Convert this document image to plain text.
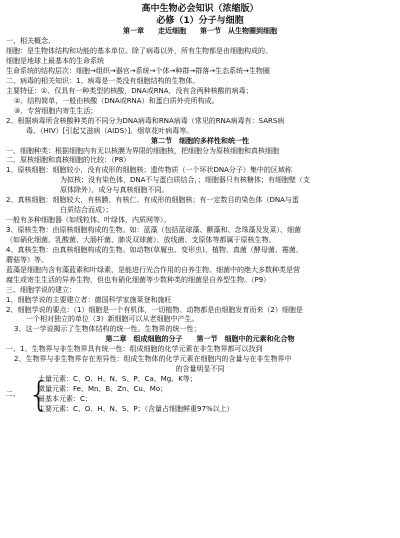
高中生物必会知识（浓缩版）
必修（1）分子与细胞
第一章　　走近细胞　　第一节　从生物圈到细胞
一、相关概念、
细胞：是生物体结构和功能的基本单位。除了病毒以外，所有生物都是由细胞构成的。
细胞是地球上最基本的生命系统
生命系统的结构层次：细胞→组织→器官→系统→个体→种群→群落→生态系统→生物圈
二、病毒的相关知识：1、病毒是一类没有细胞结构的生物体。
主要特征：①、仅具有一种类型的核酸，DNA或RNA，没有含两种核酸的病毒；
②、结构简单，一般由核酸（DNA或RNA）和蛋白质外壳所构成。
③、专营细胞内寄生生活；
2、根据病毒所含核酸种类的不同分为DNA病毒和RNA病毒（常见的RNA病毒有：SARS病
毒、（HIV）[引起艾滋病（AIDS）]、烟草花叶病毒等。
第二节　细胞的多样性和统一性
一、细胞种类：根据细胞内有无以核膜为界限的细胞核，把细胞分为原核细胞和真核细胞
二、原核细胞和真核细胞的比较：（P8）
1、原核细胞：细胞较小，没有成形的细胞核；遗传物质（一个环状DNA分子）集中的区域称
为拟核；没有染色体，DNA不与蛋白质结合，；细胞器只有核糖体；有细胞壁（支
原体除外），成分与真核细胞不同。
2、真核细胞：细胞较大，有核膜、有核仁、有成形的细胞核；有一定数目的染色体（DNA与蛋
白质结合而成）；
一般有多种细胞器（如线粒体、叶绿体，内质网等）。
3、原核生物：由原核细胞构成的生物。如：蓝藻（包括蓝球藻、颤藻和、念珠藻及发菜）、细菌
（如硝化细菌、乳酸菌、大肠杆菌、肺炎双球菌）、放线菌、支原体等都属于原核生物。
4、真核生物：由真核细胞构成的生物。如动物(草履虫、变形虫)、植物、真菌（酵母菌、霉菌、
蘑菇等）等。
蓝藻是细胞内含有藻蓝素和叶绿素，是能进行光合作用的自养生物。细菌中的绝大多数种类是营
腐生或寄生生活的异养生物，但也有硝化细菌等少数种类的细菌是自养型生物。（P9）
三、细胞学说的建立：
1、细胞学说的主要建立者：德国科学家施莱登和施旺
2、细胞学说的要点：（1）细胞是一个有机体，一切植物、动物都是由细胞发育而来（2）细胞是
一个相对独立的单位（3）新细胞可以从老细胞中产生。
3、这一学说揭示了生物体结构的统一性。生物界的统一性；
第二章　组成细胞的分子　　第一节　细胞中的元素和化合物
一、1、生物界与非生物界具有统一性：组成细胞的化学元素在非生物界都可以找到
2、生物界与非生物界存在差异性：组成生物体的化学元素在细胞内的含量与在非生物界中
的含量明显不同
二、 {
大量元素：C、O、H、N、S、P、Ca、Mg、K等；
微量元素：Fe、Mn、B、Zn、Cu、Mo；
最基本元素：C；
主要元素：C、O、H、N、S、P；（含量占细胞鲜重97%以上）
